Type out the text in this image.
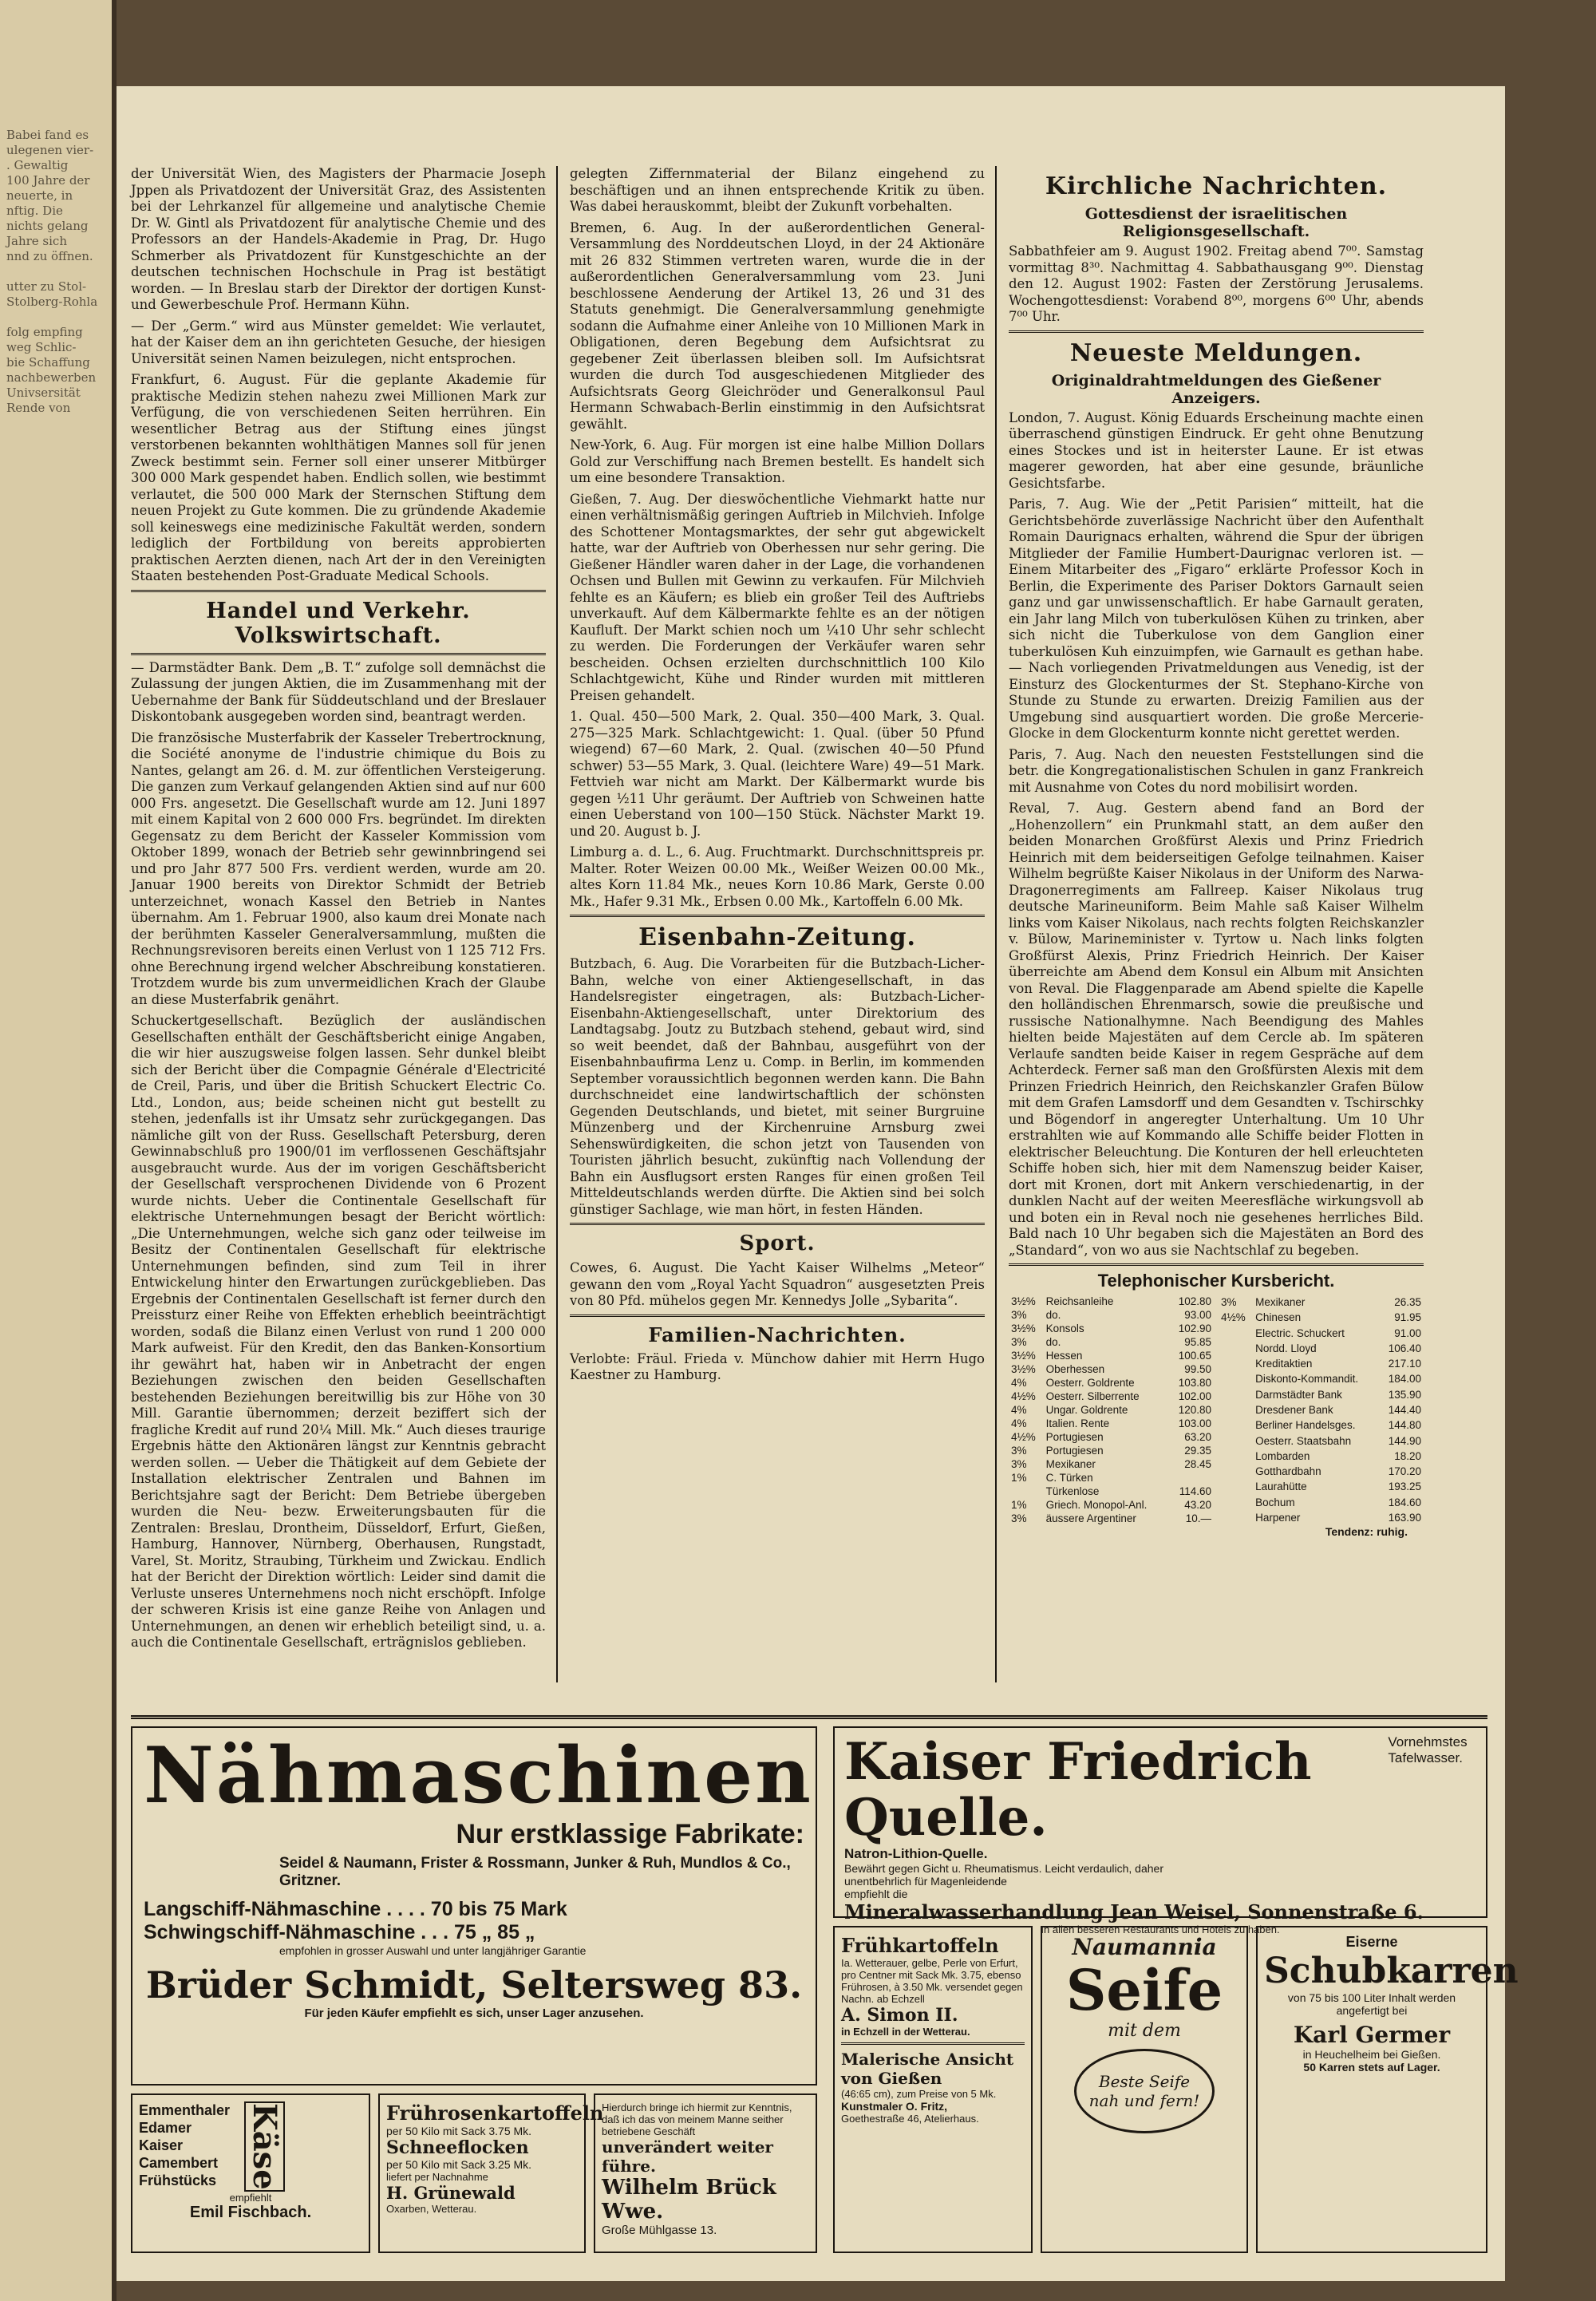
Babei fand es
ulegenen vier-
. Gewaltig
100 Jahre der
neuerte, in
nftig. Die
nichts gelang
Jahre sich
nnd zu öffnen.

utter zu Stol-
Stolberg-Rohla

folg empfing
weg Schlic-
bie Schaffung
nachbewerben
Univsersität
Rende von

der Universität Wien, des Magisters der Pharmacie Joseph Jppen als Privatdozent der Universität Graz, des Assistenten bei der Lehrkanzel für allgemeine und analytische Chemie Dr. W. Gintl als Privatdozent für analytische Chemie und des Professors an der Handels-Akademie in Prag, Dr. Hugo Schmerber als Privatdozent für Kunstgeschichte an der deutschen technischen Hochschule in Prag ist bestätigt worden. — In Breslau starb der Direktor der dortigen Kunst- und Gewerbeschule Prof. Hermann Kühn.

— Der „Germ.“ wird aus Münster gemeldet: Wie verlautet, hat der Kaiser dem an ihn gerichteten Gesuche, der hiesigen Universität seinen Namen beizulegen, nicht entsprochen.

Frankfurt, 6. August. Für die geplante Akademie für praktische Medizin stehen nahezu zwei Millionen Mark zur Verfügung, die von verschiedenen Seiten herrühren. Ein wesentlicher Betrag aus der Stiftung eines jüngst verstorbenen bekannten wohlthätigen Mannes soll für jenen Zweck bestimmt sein. Ferner soll einer unserer Mitbürger 300 000 Mark gespendet haben. Endlich sollen, wie bestimmt verlautet, die 500 000 Mark der Sternschen Stiftung dem neuen Projekt zu Gute kommen. Die zu gründende Akademie soll keineswegs eine medizinische Fakultät werden, sondern lediglich der Fortbildung von bereits approbierten praktischen Aerzten dienen, nach Art der in den Vereinigten Staaten bestehenden Post-Graduate Medical Schools.

Handel und Verkehr. Volkswirtschaft.

— Darmstädter Bank. Dem „B. T.“ zufolge soll demnächst die Zulassung der jungen Aktien, die im Zusammenhang mit der Uebernahme der Bank für Süddeutschland und der Breslauer Diskontobank ausgegeben worden sind, beantragt werden.

Die französische Musterfabrik der Kasseler Trebertrocknung, die Société anonyme de l'industrie chimique du Bois zu Nantes, gelangt am 26. d. M. zur öffentlichen Versteigerung. Die ganzen zum Verkauf gelangenden Aktien sind auf nur 600 000 Frs. angesetzt. Die Gesellschaft wurde am 12. Juni 1897 mit einem Kapital von 2 600 000 Frs. begründet. Im direkten Gegensatz zu dem Bericht der Kasseler Kommission vom Oktober 1899, wonach der Betrieb sehr gewinnbringend sei und pro Jahr 877 500 Frs. verdient werden, wurde am 20. Januar 1900 bereits von Direktor Schmidt der Betrieb unterzeichnet, wonach Kassel den Betrieb in Nantes übernahm. Am 1. Februar 1900, also kaum drei Monate nach der berühmten Kasseler Generalversammlung, mußten die Rechnungsrevisoren bereits einen Verlust von 1 125 712 Frs. ohne Berechnung irgend welcher Abschreibung konstatieren. Trotzdem wurde bis zum unvermeidlichen Krach der Glaube an diese Musterfabrik genährt.

Schuckertgesellschaft. Bezüglich der ausländischen Gesellschaften enthält der Geschäftsbericht einige Angaben, die wir hier auszugsweise folgen lassen. Sehr dunkel bleibt sich der Bericht über die Compagnie Générale d'Electricité de Creil, Paris, und über die British Schuckert Electric Co. Ltd., London, aus; beide scheinen nicht gut bestellt zu stehen, jedenfalls ist ihr Umsatz sehr zurückgegangen. Das nämliche gilt von der Russ. Gesellschaft Petersburg, deren Gewinnabschluß pro 1900/01 im verflossenen Geschäftsjahr ausgebraucht wurde. Aus der im vorigen Geschäftsbericht der Gesellschaft versprochenen Dividende von 6 Prozent wurde nichts. Ueber die Continentale Gesellschaft für elektrische Unternehmungen besagt der Bericht wörtlich: „Die Unternehmungen, welche sich ganz oder teilweise im Besitz der Continentalen Gesellschaft für elektrische Unternehmungen befinden, sind zum Teil in ihrer Entwickelung hinter den Erwartungen zurückgeblieben. Das Ergebnis der Continentalen Gesellschaft ist ferner durch den Preissturz einer Reihe von Effekten erheblich beeinträchtigt worden, sodaß die Bilanz einen Verlust von rund 1 200 000 Mark aufweist. Für den Kredit, den das Banken-Konsortium ihr gewährt hat, haben wir in Anbetracht der engen Beziehungen zwischen den beiden Gesellschaften bestehenden Beziehungen bereitwillig bis zur Höhe von 30 Mill. Garantie übernommen; derzeit beziffert sich der fragliche Kredit auf rund 20¼ Mill. Mk.“ Auch dieses traurige Ergebnis hätte den Aktionären längst zur Kenntnis gebracht werden sollen. — Ueber die Thätigkeit auf dem Gebiete der Installation elektrischer Zentralen und Bahnen im Berichtsjahre sagt der Bericht: Dem Betriebe übergeben wurden die Neu- bezw. Erweiterungsbauten für die Zentralen: Breslau, Drontheim, Düsseldorf, Erfurt, Gießen, Hamburg, Hannover, Nürnberg, Oberhausen, Rungstadt, Varel, St. Moritz, Straubing, Türkheim und Zwickau. Endlich hat der Bericht der Direktion wörtlich: Leider sind damit die Verluste unseres Unternehmens noch nicht erschöpft. Infolge der schweren Krisis ist eine ganze Reihe von Anlagen und Unternehmungen, an denen wir erheblich beteiligt sind, u. a. auch die Continentale Gesellschaft, erträgnislos geblieben.

gelegten Ziffernmaterial der Bilanz eingehend zu beschäftigen und an ihnen entsprechende Kritik zu üben. Was dabei herauskommt, bleibt der Zukunft vorbehalten.

Bremen, 6. Aug. In der außerordentlichen General-Versammlung des Norddeutschen Lloyd, in der 24 Aktionäre mit 26 832 Stimmen vertreten waren, wurde die in der außerordentlichen Generalversammlung vom 23. Juni beschlossene Aenderung der Artikel 13, 26 und 31 des Statuts genehmigt. Die Generalversammlung genehmigte sodann die Aufnahme einer Anleihe von 10 Millionen Mark in Obligationen, deren Begebung dem Aufsichtsrat zu gegebener Zeit überlassen bleiben soll. Im Aufsichtsrat wurden die durch Tod ausgeschiedenen Mitglieder des Aufsichtsrats Georg Gleichröder und Generalkonsul Paul Hermann Schwabach-Berlin einstimmig in den Aufsichtsrat gewählt.

New-York, 6. Aug. Für morgen ist eine halbe Million Dollars Gold zur Verschiffung nach Bremen bestellt. Es handelt sich um eine besondere Transaktion.

Gießen, 7. Aug. Der dieswöchentliche Viehmarkt hatte nur einen verhältnismäßig geringen Auftrieb in Milchvieh. Infolge des Schottener Montagsmarktes, der sehr gut abgewickelt hatte, war der Auftrieb von Oberhessen nur sehr gering. Die Gießener Händler waren daher in der Lage, die vorhandenen Ochsen und Bullen mit Gewinn zu verkaufen. Für Milchvieh fehlte es an Käufern; es blieb ein großer Teil des Auftriebs unverkauft. Auf dem Kälbermarkte fehlte es an der nötigen Kaufluft. Der Markt schien noch um ¼10 Uhr sehr schlecht zu werden. Die Forderungen der Verkäufer waren sehr bescheiden. Ochsen erzielten durchschnittlich 100 Kilo Schlachtgewicht, Kühe und Rinder wurden mit mittleren Preisen gehandelt.

1. Qual. 450—500 Mark, 2. Qual. 350—400 Mark, 3. Qual. 275—325 Mark. Schlachtgewicht: 1. Qual. (über 50 Pfund wiegend) 67—60 Mark, 2. Qual. (zwischen 40—50 Pfund schwer) 53—55 Mark, 3. Qual. (leichtere Ware) 49—51 Mark. Fettvieh war nicht am Markt. Der Kälbermarkt wurde bis gegen ½11 Uhr geräumt. Der Auftrieb von Schweinen hatte einen Ueberstand von 100—150 Stück. Nächster Markt 19. und 20. August b. J.

Limburg a. d. L., 6. Aug. Fruchtmarkt. Durchschnittspreis pr. Malter. Roter Weizen 00.00 Mk., Weißer Weizen 00.00 Mk., altes Korn 11.84 Mk., neues Korn 10.86 Mark, Gerste 0.00 Mk., Hafer 9.31 Mk., Erbsen 0.00 Mk., Kartoffeln 6.00 Mk.

Eisenbahn-Zeitung.

Butzbach, 6. Aug. Die Vorarbeiten für die Butzbach-Licher-Bahn, welche von einer Aktiengesellschaft, in das Handelsregister eingetragen, als: Butzbach-Licher-Eisenbahn-Aktiengesellschaft, unter Direktorium des Landtagsabg. Joutz zu Butzbach stehend, gebaut wird, sind so weit beendet, daß der Bahnbau, ausgeführt von der Eisenbahnbaufirma Lenz u. Comp. in Berlin, im kommenden September voraussichtlich begonnen werden kann. Die Bahn durchschneidet eine landwirtschaftlich der schönsten Gegenden Deutschlands, und bietet, mit seiner Burgruine Münzenberg und der Kirchenruine Arnsburg zwei Sehenswürdigkeiten, die schon jetzt von Tausenden von Touristen jährlich besucht, zukünftig nach Vollendung der Bahn ein Ausflugsort ersten Ranges für einen großen Teil Mitteldeutschlands werden dürfte. Die Aktien sind bei solch günstiger Sachlage, wie man hört, in festen Händen.

Sport.

Cowes, 6. August. Die Yacht Kaiser Wilhelms „Meteor“ gewann den vom „Royal Yacht Squadron“ ausgesetzten Preis von 80 Pfd. mühelos gegen Mr. Kennedys Jolle „Sybarita“.

Familien-Nachrichten.

Verlobte: Fräul. Frieda v. Münchow dahier mit Herrn Hugo Kaestner zu Hamburg.

Kirchliche Nachrichten.
Gottesdienst der israelitischen Religionsgesellschaft.

Sabbathfeier am 9. August 1902. Freitag abend 7⁰⁰. Samstag vormittag 8³⁰. Nachmittag 4. Sabbathausgang 9⁰⁰. Dienstag den 12. August 1902: Fasten der Zerstörung Jerusalems. Wochengottesdienst: Vorabend 8⁰⁰, morgens 6⁰⁰ Uhr, abends 7⁰⁰ Uhr.

Neueste Meldungen.
Originaldrahtmeldungen des Gießener Anzeigers.

London, 7. August. König Eduards Erscheinung machte einen überraschend günstigen Eindruck. Er geht ohne Benutzung eines Stockes und ist in heiterster Laune. Er ist etwas magerer geworden, hat aber eine gesunde, bräunliche Gesichtsfarbe.

Paris, 7. Aug. Wie der „Petit Parisien“ mitteilt, hat die Gerichtsbehörde zuverlässige Nachricht über den Aufenthalt Romain Daurignacs erhalten, während die Spur der übrigen Mitglieder der Familie Humbert-Daurignac verloren ist. — Einem Mitarbeiter des „Figaro“ erklärte Professor Koch in Berlin, die Experimente des Pariser Doktors Garnault seien ganz und gar unwissenschaftlich. Er habe Garnault geraten, ein Jahr lang Milch von tuberkulösen Kühen zu trinken, aber sich nicht die Tuberkulose von dem Ganglion einer tuberkulösen Kuh einzuimpfen, wie Garnault es gethan habe. — Nach vorliegenden Privatmeldungen aus Venedig, ist der Einsturz des Glockenturmes der St. Stephano-Kirche von Stunde zu Stunde zu erwarten. Dreizig Familien aus der Umgebung sind ausquartiert worden. Die große Mercerie-Glocke in dem Glockenturm konnte nicht gerettet werden.

Paris, 7. Aug. Nach den neuesten Feststellungen sind die betr. die Kongregationalistischen Schulen in ganz Frankreich mit Ausnahme von Cotes du nord mobilisirt worden.

Reval, 7. Aug. Gestern abend fand an Bord der „Hohenzollern“ ein Prunkmahl statt, an dem außer den beiden Monarchen Großfürst Alexis und Prinz Friedrich Heinrich mit dem beiderseitigen Gefolge teilnahmen. Kaiser Wilhelm begrüßte Kaiser Nikolaus in der Uniform des Narwa-Dragonerregiments am Fallreep. Kaiser Nikolaus trug deutsche Marineuniform. Beim Mahle saß Kaiser Wilhelm links vom Kaiser Nikolaus, nach rechts folgten Reichskanzler v. Bülow, Marineminister v. Tyrtow u. Nach links folgten Großfürst Alexis, Prinz Friedrich Heinrich. Der Kaiser überreichte am Abend dem Konsul ein Album mit Ansichten von Reval. Die Flaggenparade am Abend spielte die Kapelle den holländischen Ehrenmarsch, sowie die preußische und russische Nationalhymne. Nach Beendigung des Mahles hielten beide Majestäten auf dem Cercle ab. Im späteren Verlaufe sandten beide Kaiser in regem Gespräche auf dem Achterdeck. Ferner saß man den Großfürsten Alexis mit dem Prinzen Friedrich Heinrich, den Reichskanzler Grafen Bülow mit dem Grafen Lamsdorff und dem Gesandten v. Tschirschky und Bögendorf in angeregter Unterhaltung. Um 10 Uhr erstrahlten wie auf Kommando alle Schiffe beider Flotten in elektrischer Beleuchtung. Die Konturen der hell erleuchteten Schiffe hoben sich, hier mit dem Namenszug beider Kaiser, dort mit Kronen, dort mit Ankern verschiedenartig, in der dunklen Nacht auf der weiten Meeresfläche wirkungsvoll ab und boten ein in Reval noch nie gesehenes herrliches Bild. Bald nach 10 Uhr begaben sich die Majestäten an Bord des „Standard“, von wo aus sie Nachtschlaf zu begeben.

Telephonischer Kursbericht.
3½%	Reichsanleihe	102.80
3%	do.	93.00
3½%	Konsols	102.90
3%	do.	95.85
3½%	Hessen	100.65
3½%	Oberhessen	99.50
4%	Oesterr. Goldrente	103.80
4½%	Oesterr. Silberrente	102.00
4%	Ungar. Goldrente	120.80
4%	Italien. Rente	103.00
4½%	Portugiesen	63.20
3%	Portugiesen	29.35
3%	Mexikaner	28.45
1%	C. Türken	
	Türkenlose	114.60
1%	Griech. Monopol-Anl.	43.20
3%	äussere Argentiner	10.—
3%	Mexikaner	26.35
4½%	Chinesen	91.95
	Electric. Schuckert	91.00
	Nordd. Lloyd	106.40
	Kreditaktien	217.10
	Diskonto-Kommandit.	184.00
	Darmstädter Bank	135.90
	Dresdener Bank	144.40
	Berliner Handelsges.	144.80
	Oesterr. Staatsbahn	144.90
	Lombarden	18.20
	Gotthardbahn	170.20
	Laurahütte	193.25
	Bochum	184.60
	Harpener	163.90
Tendenz: ruhig.
Nähmaschinen
Nur erstklassige Fabrikate:
Seidel & Naumann, Frister & Rossmann, Junker & Ruh, Mundlos & Co., Gritzner.
Langschiff-Nähmaschine . . . . 70 bis 75 Mark
Schwingschiff-Nähmaschine . . . 75 „ 85 „
empfohlen in grosser Auswahl und unter langjähriger Garantie
Brüder Schmidt, Seltersweg 83.
Für jeden Käufer empfiehlt es sich, unser Lager anzusehen.
Kaiser Friedrich Quelle.
Vornehmstes Tafelwasser.
Natron-Lithion-Quelle.
Bewährt gegen Gicht u. Rheumatismus. Leicht verdaulich, daher unentbehrlich für Magenleidende
empfiehlt die
Mineralwasserhandlung Jean Weisel, Sonnenstraße 6.
In allen besseren Restaurants und Hotels zu haben.
Emmenthaler
Edamer
Kaiser
Camembert
Frühstücks Käse
empfiehlt
Emil Fischbach.
Frührosenkartoffeln
per 50 Kilo mit Sack 3.75 Mk.
Schneeflocken
per 50 Kilo mit Sack 3.25 Mk.
liefert per Nachnahme
H. Grünewald
Oxarben, Wetterau.
Hierdurch bringe ich hiermit zur Kenntnis, daß ich das von meinem Manne seither betriebene Geschäft
unverändert weiter führe.
Wilhelm Brück Wwe.
Große Mühlgasse 13.
Frühkartoffeln
Ia. Wetterauer, gelbe, Perle von Erfurt, pro Centner mit Sack Mk. 3.75, ebenso Frührosen, à 3.50 Mk. versendet gegen Nachn. ab Echzell
A. Simon II.
in Echzell in der Wetterau.
Malerische Ansicht von Gießen
(46:65 cm), zum Preise von 5 Mk.
Kunstmaler O. Fritz,
Goethestraße 46, Atelierhaus.
Naumannia
Seife
mit dem
Beste Seife
nah und fern!
Eiserne
Schubkarren
von 75 bis 100 Liter Inhalt werden angefertigt bei
Karl Germer
in Heuchelheim bei Gießen.
50 Karren stets auf Lager.
